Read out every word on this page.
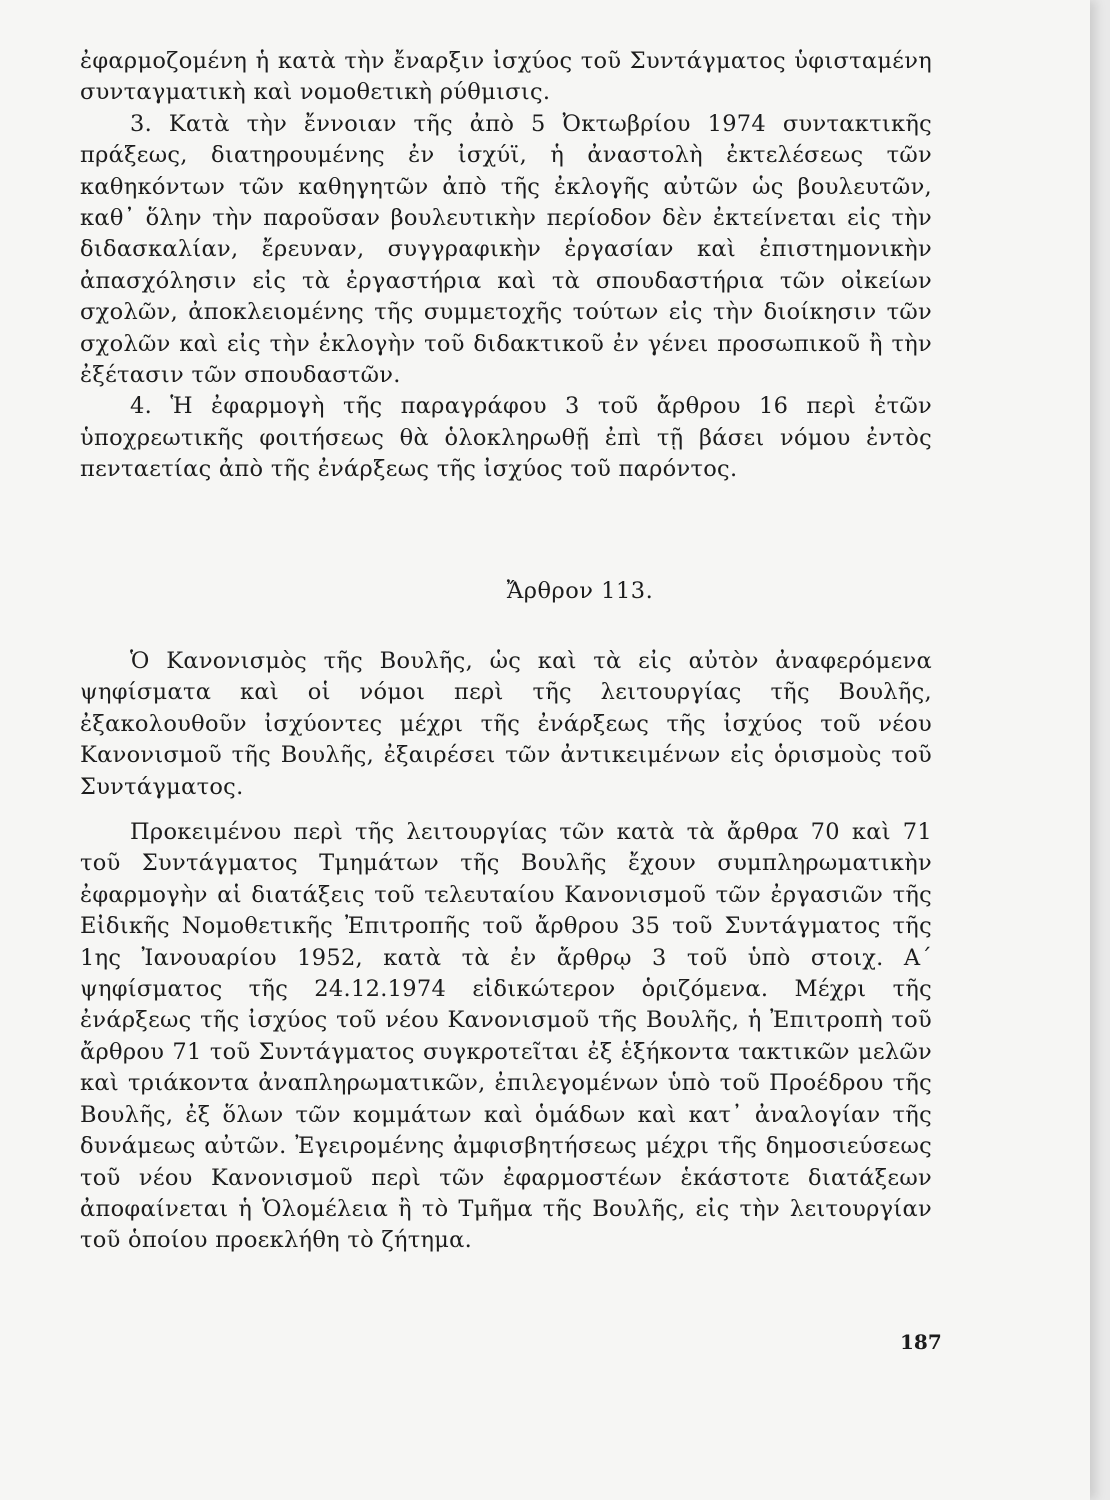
ἐφαρμοζομένη ἡ κατὰ τὴν ἔναρξιν ἰσχύος τοῦ Συντάγματος ὑφισταμένη συνταγματικὴ καὶ νομοθετικὴ ρύθμισις.

3. Κατὰ τὴν ἔννοιαν τῆς ἀπὸ 5 Ὀκτωβρίου 1974 συντακτικῆς πράξεως, διατηρουμένης ἐν ἰσχύϊ, ἡ ἀναστολὴ ἐκτελέσεως τῶν καθηκόντων τῶν καθηγητῶν ἀπὸ τῆς ἐκλογῆς αὐτῶν ὡς βουλευτῶν, καθ᾿ ὅλην τὴν παροῦσαν βουλευτικὴν περίοδον δὲν ἐκτείνεται εἰς τὴν διδασκαλίαν, ἔρευναν, συγγραφικὴν ἐργασίαν καὶ ἐπιστημονικὴν ἀπασχόλησιν εἰς τὰ ἐργαστήρια καὶ τὰ σπουδαστήρια τῶν οἰκείων σχολῶν, ἀποκλειομένης τῆς συμμετοχῆς τούτων εἰς τὴν διοίκησιν τῶν σχολῶν καὶ εἰς τὴν ἐκλογὴν τοῦ διδακτικοῦ ἐν γένει προσωπικοῦ ἢ τὴν ἐξέτασιν τῶν σπουδαστῶν.

4. Ἡ ἐφαρμογὴ τῆς παραγράφου 3 τοῦ ἄρθρου 16 περὶ ἐτῶν ὑποχρεωτικῆς φοιτήσεως θὰ ὁλοκληρωθῇ ἐπὶ τῇ βάσει νόμου ἐντὸς πενταετίας ἀπὸ τῆς ἐνάρξεως τῆς ἰσχύος τοῦ παρόντος.

Ἄρθρον 113.

Ὁ Κανονισμὸς τῆς Βουλῆς, ὡς καὶ τὰ εἰς αὐτὸν ἀναφερόμενα ψηφίσματα καὶ οἱ νόμοι περὶ τῆς λειτουργίας τῆς Βουλῆς, ἐξακολουθοῦν ἰσχύοντες μέχρι τῆς ἐνάρξεως τῆς ἰσχύος τοῦ νέου Κανονισμοῦ τῆς Βουλῆς, ἐξαιρέσει τῶν ἀντικειμένων εἰς ὁρισμοὺς τοῦ Συντάγματος.

Προκειμένου περὶ τῆς λειτουργίας τῶν κατὰ τὰ ἄρθρα 70 καὶ 71 τοῦ Συντάγματος Τμημάτων τῆς Βουλῆς ἔχουν συμπληρωματικὴν ἐφαρμογὴν αἱ διατάξεις τοῦ τελευταίου Κανονισμοῦ τῶν ἐργασιῶν τῆς Εἰδικῆς Νομοθετικῆς Ἐπιτροπῆς τοῦ ἄρθρου 35 τοῦ Συντάγματος τῆς 1ης Ἰανουαρίου 1952, κατὰ τὰ ἐν ἄρθρῳ 3 τοῦ ὑπὸ στοιχ. Α´ ψηφίσματος τῆς 24.12.1974 εἰδικώτερον ὁριζόμενα. Μέχρι τῆς ἐνάρξεως τῆς ἰσχύος τοῦ νέου Κανονισμοῦ τῆς Βουλῆς, ἡ Ἐπιτροπὴ τοῦ ἄρθρου 71 τοῦ Συντάγματος συγκροτεῖται ἐξ ἑξήκοντα τακτικῶν μελῶν καὶ τριάκοντα ἀναπληρωματικῶν, ἐπιλεγομένων ὑπὸ τοῦ Προέδρου τῆς Βουλῆς, ἐξ ὅλων τῶν κομμάτων καὶ ὁμάδων καὶ κατ᾿ ἀναλογίαν τῆς δυνάμεως αὐτῶν. Ἐγειρομένης ἀμφισβητήσεως μέχρι τῆς δημοσιεύσεως τοῦ νέου Κανονισμοῦ περὶ τῶν ἐφαρμοστέων ἑκάστοτε διατάξεων ἀποφαίνεται ἡ Ὁλομέλεια ἢ τὸ Τμῆμα τῆς Βουλῆς, εἰς τὴν λειτουργίαν τοῦ ὁποίου προεκλήθη τὸ ζήτημα.

187
